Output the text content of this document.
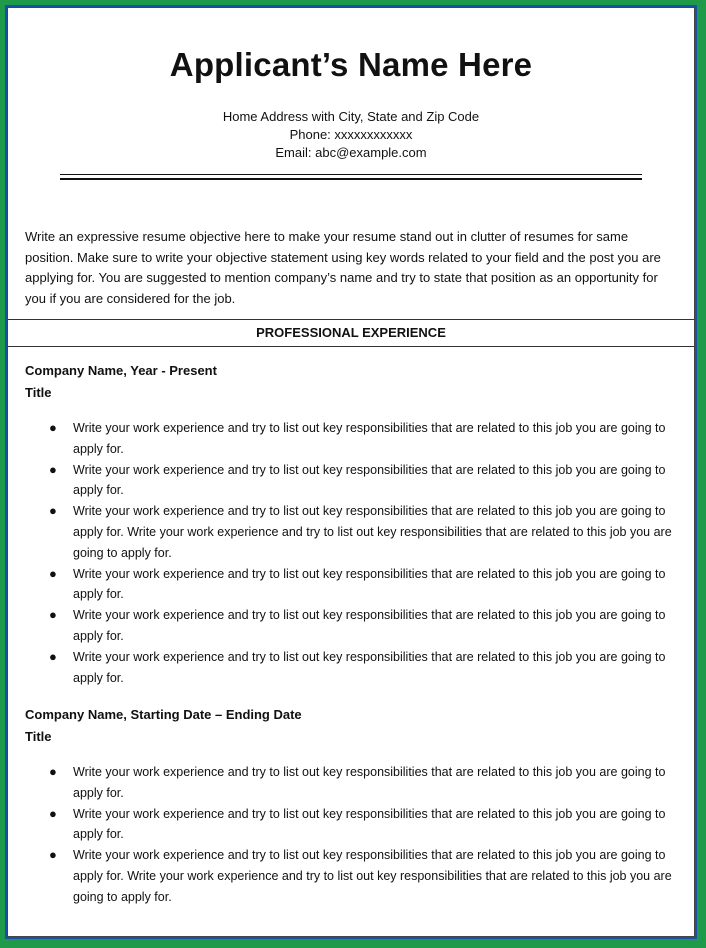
Applicant’s Name Here
Home Address with City, State and Zip Code
Phone: xxxxxxxxxxxx
Email: abc@example.com
Write an expressive resume objective here to make your resume stand out in clutter of resumes for same position. Make sure to write your objective statement using key words related to your field and the post you are applying for. You are suggested to mention company’s name and try to state that position as an opportunity for you if you are considered for the job.
PROFESSIONAL EXPERIENCE
Company Name, Year - Present
Title
● Write your work experience and try to list out key responsibilities that are related to this job you are going to apply for.
● Write your work experience and try to list out key responsibilities that are related to this job you are going to apply for.
● Write your work experience and try to list out key responsibilities that are related to this job you are going to apply for. Write your work experience and try to list out key responsibilities that are related to this job you are going to apply for.
● Write your work experience and try to list out key responsibilities that are related to this job you are going to apply for.
● Write your work experience and try to list out key responsibilities that are related to this job you are going to apply for.
● Write your work experience and try to list out key responsibilities that are related to this job you are going to apply for.
Company Name, Starting Date – Ending Date
Title
● Write your work experience and try to list out key responsibilities that are related to this job you are going to apply for.
● Write your work experience and try to list out key responsibilities that are related to this job you are going to apply for.
● Write your work experience and try to list out key responsibilities that are related to this job you are going to apply for. Write your work experience and try to list out key responsibilities that are related to this job you are going to apply for.
